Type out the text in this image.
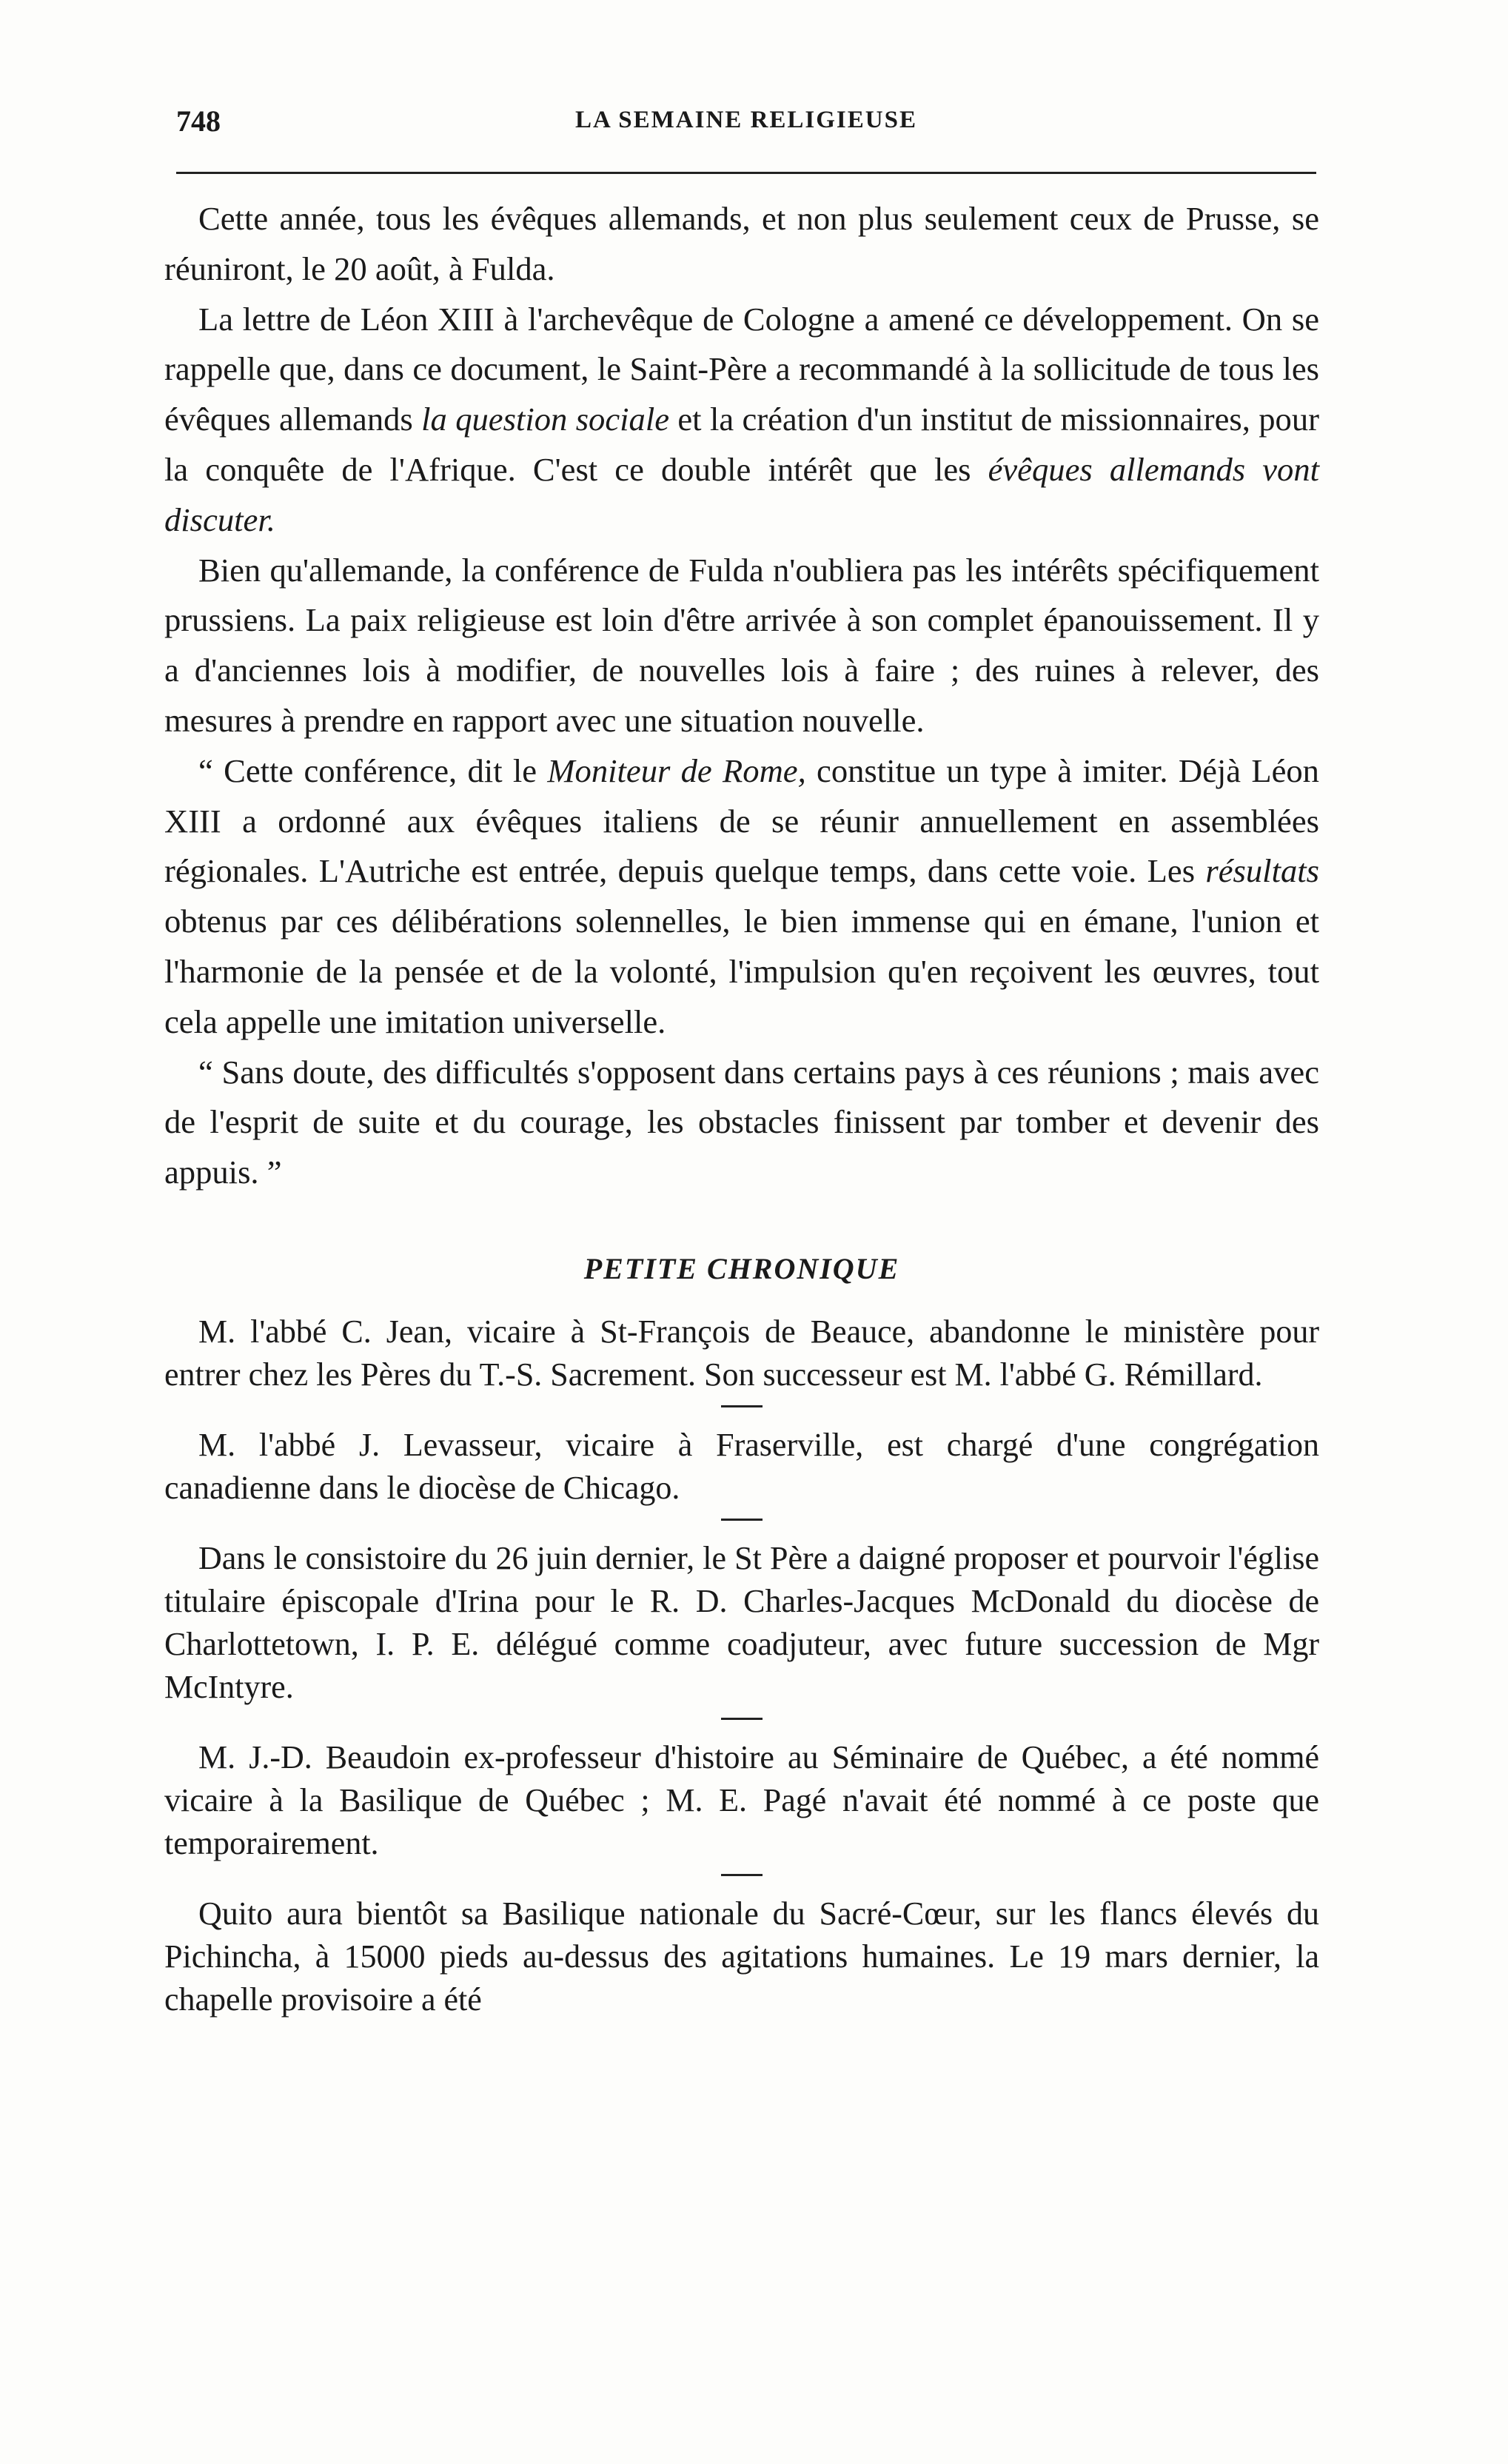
748	LA SEMAINE RELIGIEUSE

Cette année, tous les évêques allemands, et non plus seulement ceux de Prusse, se réuniront, le 20 août, à Fulda.

La lettre de Léon XIII à l'archevêque de Cologne a amené ce développement. On se rappelle que, dans ce document, le Saint-Père a recommandé à la sollicitude de tous les évêques allemands la question sociale et la création d'un institut de missionnaires, pour la conquête de l'Afrique. C'est ce double intérêt que les évêques allemands vont discuter.

Bien qu'allemande, la conférence de Fulda n'oubliera pas les intérêts spécifiquement prussiens. La paix religieuse est loin d'être arrivée à son complet épanouissement. Il y a d'anciennes lois à modifier, de nouvelles lois à faire ; des ruines à relever, des mesures à prendre en rapport avec une situation nouvelle.

“ Cette conférence, dit le Moniteur de Rome, constitue un type à imiter. Déjà Léon XIII a ordonné aux évêques italiens de se réunir annuellement en assemblées régionales. L'Autriche est entrée, depuis quelque temps, dans cette voie. Les résultats obtenus par ces délibérations solennelles, le bien immense qui en émane, l'union et l'harmonie de la pensée et de la volonté, l'impulsion qu'en reçoivent les œuvres, tout cela appelle une imitation universelle.

“ Sans doute, des difficultés s'opposent dans certains pays à ces réunions ; mais avec de l'esprit de suite et du courage, les obstacles finissent par tomber et devenir des appuis. ”

PETITE CHRONIQUE

M. l'abbé C. Jean, vicaire à St-François de Beauce, abandonne le ministère pour entrer chez les Pères du T.-S. Sacrement. Son successeur est M. l'abbé G. Rémillard.

M. l'abbé J. Levasseur, vicaire à Fraserville, est chargé d'une congrégation canadienne dans le diocèse de Chicago.

Dans le consistoire du 26 juin dernier, le St Père a daigné proposer et pourvoir l'église titulaire épiscopale d'Irina pour le R. D. Charles-Jacques McDonald du diocèse de Charlottetown, I. P. E. délégué comme coadjuteur, avec future succession de Mgr McIntyre.

M. J.-D. Beaudoin ex-professeur d'histoire au Séminaire de Québec, a été nommé vicaire à la Basilique de Québec ; M. E. Pagé n'avait été nommé à ce poste que temporairement.

Quito aura bientôt sa Basilique nationale du Sacré-Cœur, sur les flancs élevés du Pichincha, à 15000 pieds au-dessus des agitations humaines. Le 19 mars dernier, la chapelle provisoire a été
